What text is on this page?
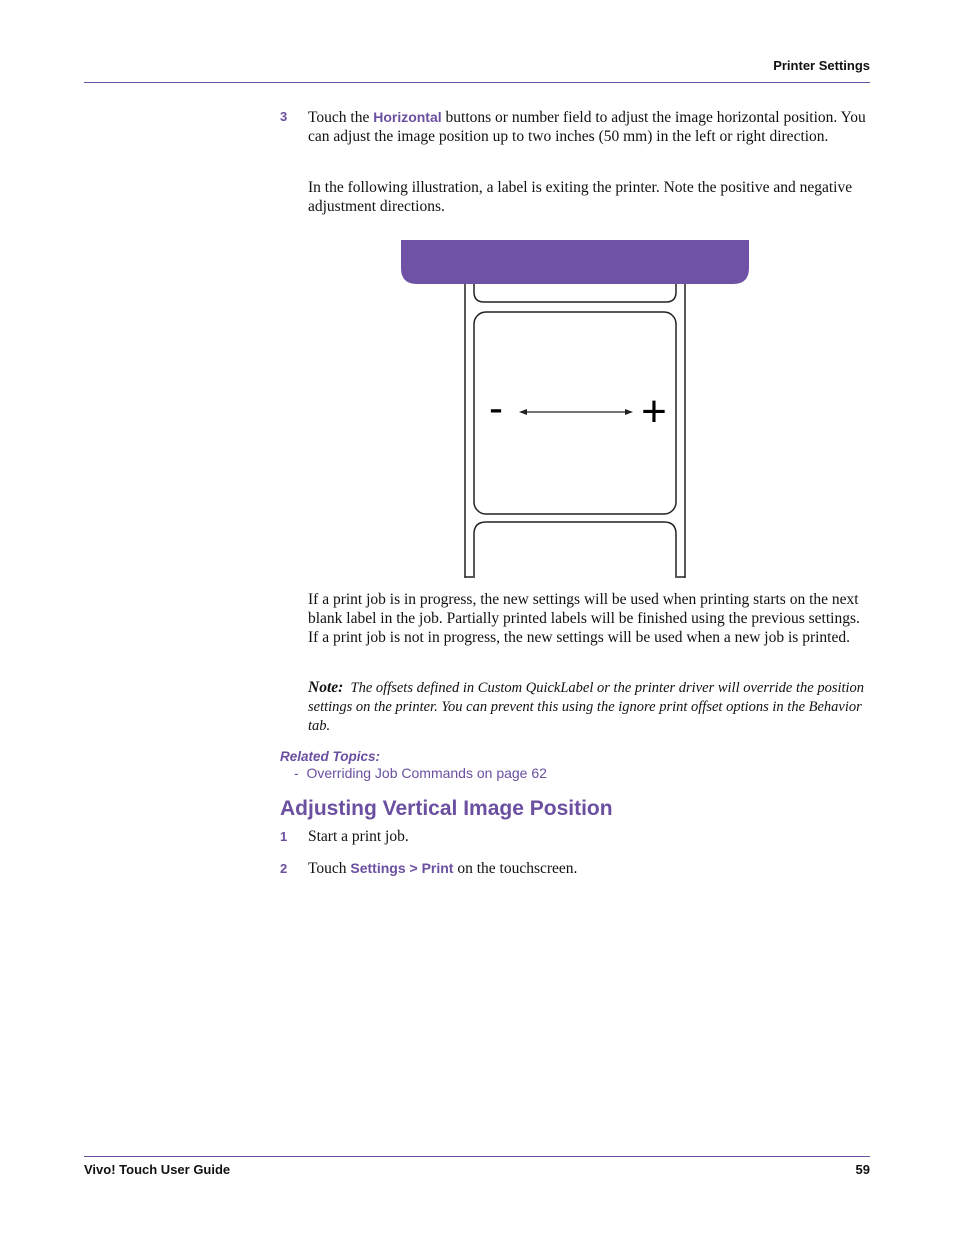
Printer Settings
3 Touch the Horizontal buttons or number field to adjust the image horizontal position. You can adjust the image position up to two inches (50 mm) in the left or right direction.
In the following illustration, a label is exiting the printer. Note the positive and negative adjustment directions.
-	+
If a print job is in progress, the new settings will be used when printing starts on the next blank label in the job. Partially printed labels will be finished using the previous settings. If a print job is not in progress, the new settings will be used when a new job is printed.
Note: The offsets defined in Custom QuickLabel or the printer driver will override the position settings on the printer. You can prevent this using the ignore print offset options in the Behavior tab.
Related Topics:
- Overriding Job Commands on page 62
Adjusting Vertical Image Position
1 Start a print job.
2 Touch Settings > Print on the touchscreen.
Vivo! Touch User Guide	59
